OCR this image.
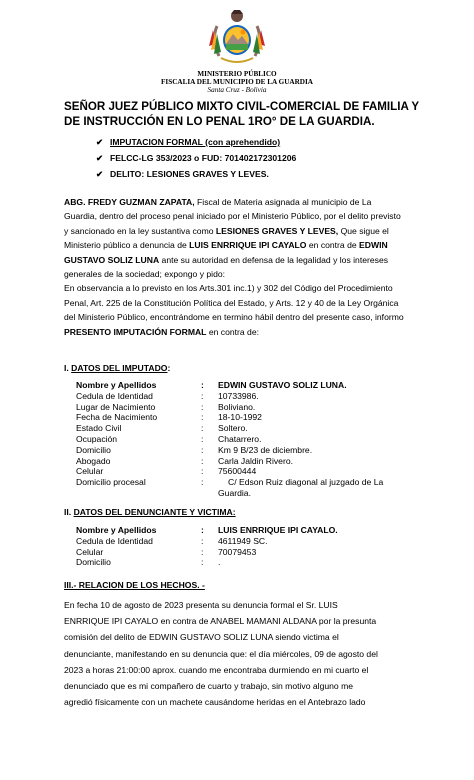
MINISTERIO PÚBLICO
FISCALIA DEL MUNICIPIO DE LA GUARDIA
Santa Cruz - Bolivia
SEÑOR JUEZ PÚBLICO MIXTO CIVIL-COMERCIAL DE FAMILIA Y
DE INSTRUCCIÓN EN LO PENAL 1RO° DE LA GUARDIA.
✔ IMPUTACION FORMAL (con aprehendido)
✔ FELCC-LG 353/2023 o FUD: 701402172301206
✔ DELITO: LESIONES GRAVES Y LEVES.
ABG. FREDY GUZMAN ZAPATA, Fiscal de Materia asignada al municipio de La
Guardia, dentro del proceso penal iniciado por el Ministerio Público, por el delito previsto
y sancionado en la ley sustantiva como LESIONES GRAVES Y LEVES, Que sigue el
Ministerio público a denuncia de LUIS ENRRIQUE IPI CAYALO en contra de EDWIN
GUSTAVO SOLIZ LUNA ante su autoridad en defensa de la legalidad y los intereses
generales de la sociedad; expongo y pido:
En observancia a lo previsto en los Arts.301 inc.1) y 302 del Código del Procedimiento
Penal, Art. 225 de la Constitución Política del Estado, y Arts. 12 y 40 de la Ley Orgánica
del Ministerio Público, encontrándome en termino hábil dentro del presente caso, informo
PRESENTO IMPUTACIÓN FORMAL en contra de:
I. DATOS DEL IMPUTADO:
Nombre y Apellidos	: EDWIN GUSTAVO SOLIZ LUNA.
Cedula de Identidad	: 10733986.
Lugar de Nacimiento	: Boliviano.
Fecha de Nacimiento	: 18-10-1992
Estado Civil	: Soltero.
Ocupación	: Chatarrero.
Domicilio	: Km 9 B/23 de diciembre.
Abogado	: Carla Jaldin Rivero.
Celular	: 75600444
Domicilio procesal	:	C/ Edson Ruiz diagonal al juzgado de La
Guardia.
II. DATOS DEL DENUNCIANTE Y VICTIMA:
Nombre y Apellidos	: LUIS ENRRIQUE IPI CAYALO.
Cedula de Identidad	: 4611949 SC.
Celular	: 70079453
Domicilio	: .
III.- RELACION DE LOS HECHOS. -
En fecha 10 de agosto de 2023 presenta su denuncia formal el Sr. LUIS
ENRRIQUE IPI CAYALO en contra de ANABEL MAMANI ALDANA por la presunta
comisión del delito de EDWIN GUSTAVO SOLIZ LUNA siendo victima el
denunciante, manifestando en su denuncia que: el día miércoles, 09 de agosto del
2023 a horas 21:00:00 aprox. cuando me encontraba durmiendo en mi cuarto el
denunciado que es mi compañero de cuarto y trabajo, sin motivo alguno me
agredió físicamente con un machete causándome heridas en el Antebrazo lado
